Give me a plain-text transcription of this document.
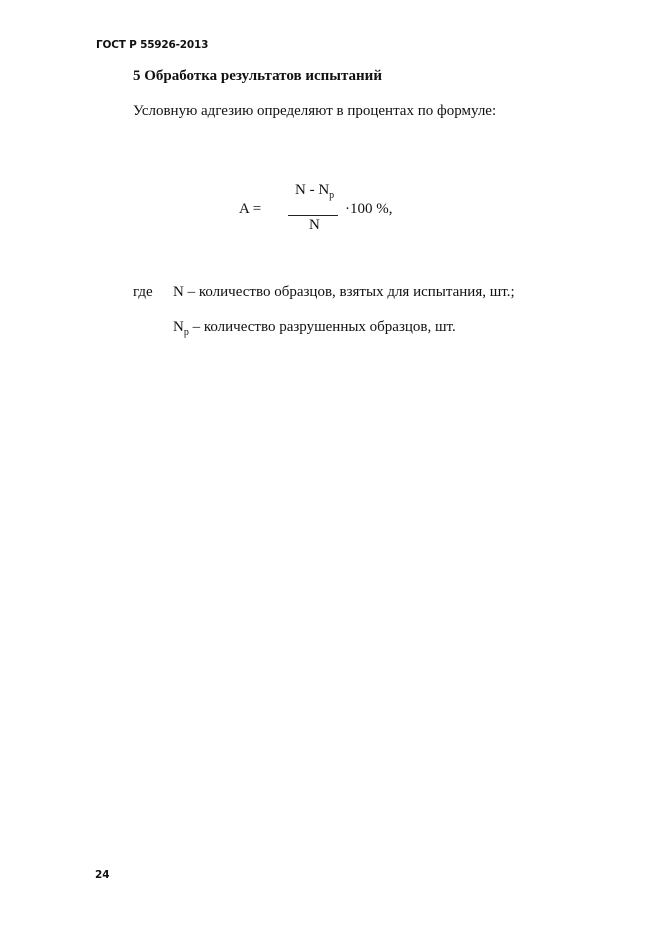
ГОСТ Р 55926-2013
5 Обработка результатов испытаний
Условную адгезию определяют в процентах по формуле:
A =
N - $N_p$
N
·100 %,
где N – количество образцов, взятых для испытания, шт.;
$N_p$ – количество разрушенных образцов, шт.
24
